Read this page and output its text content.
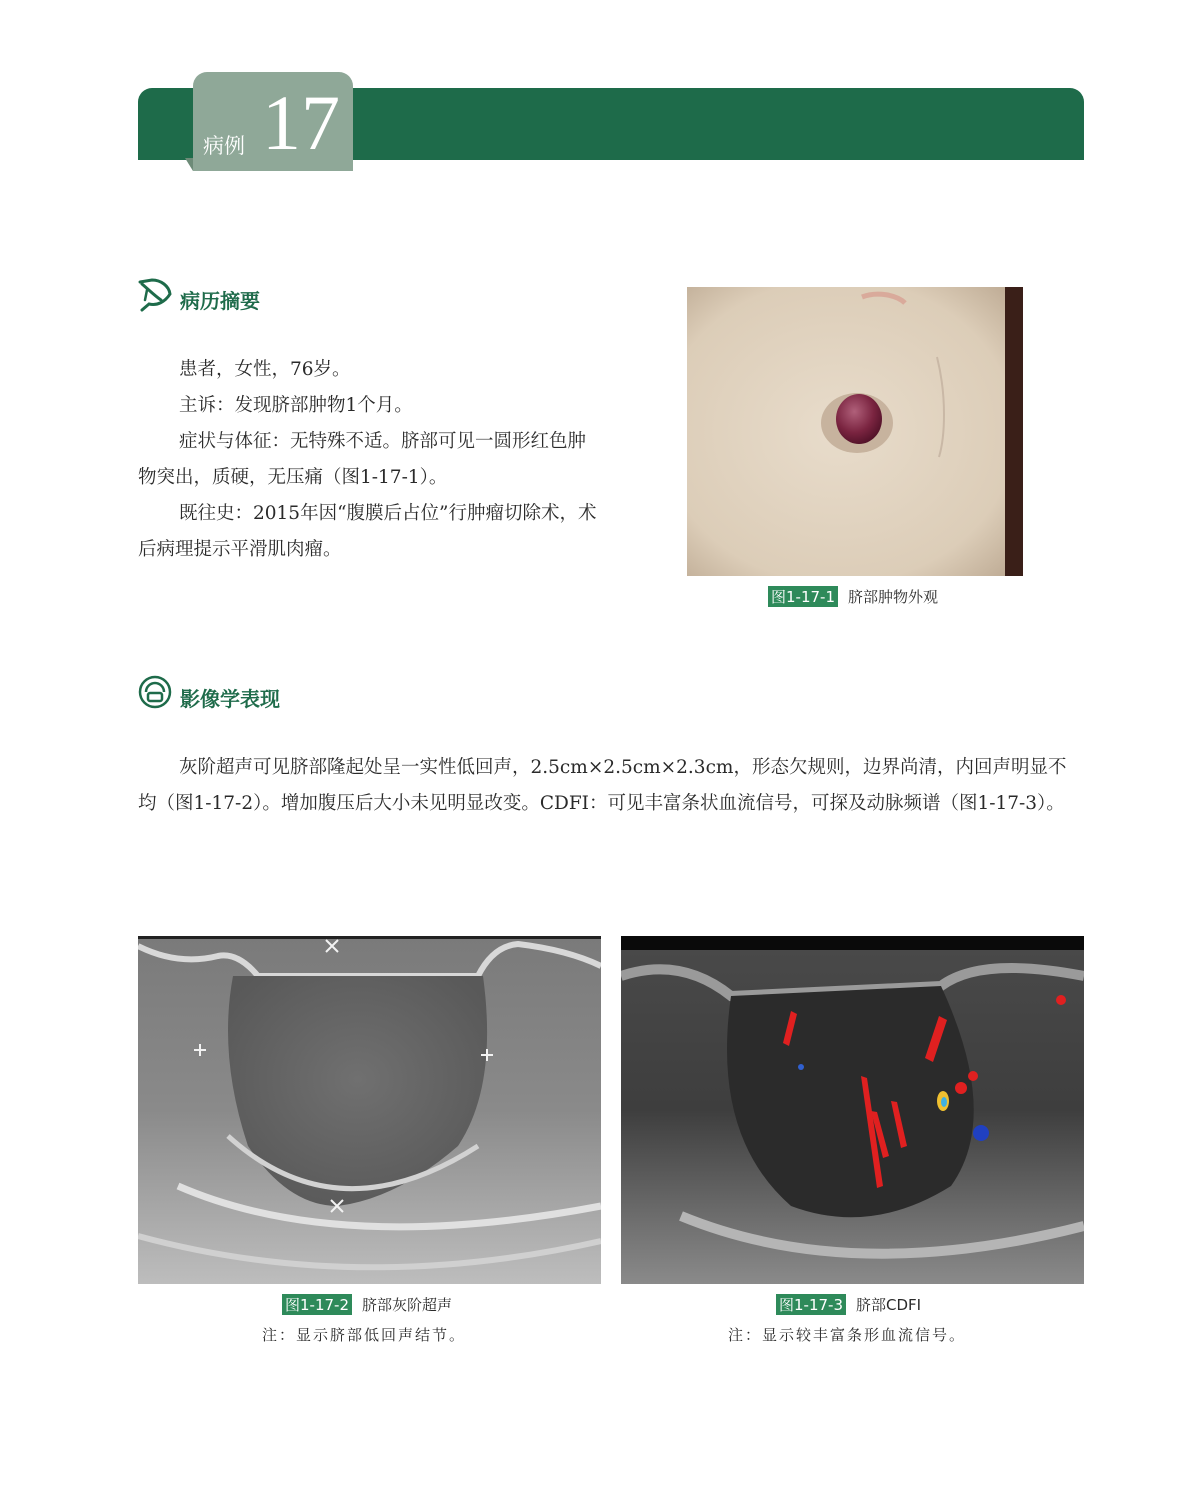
病例 17
病历摘要

患者，女性，76岁。

主诉：发现脐部肿物1个月。

症状与体征：无特殊不适。脐部可见一圆形红色肿物突出，质硬，无压痛（图1-17-1）。

既往史：2015年因“腹膜后占位”行肿瘤切除术，术后病理提示平滑肌肉瘤。

图1-17-1 脐部肿物外观
影像学表现

灰阶超声可见脐部隆起处呈一实性低回声，2.5cm×2.5cm×2.3cm，形态欠规则，边界尚清，内回声明显不均（图1-17-2）。增加腹压后大小未见明显改变。CDFI：可见丰富条状血流信号，可探及动脉频谱（图1-17-3）。

图1-17-2 脐部灰阶超声
注：显示脐部低回声结节。
图1-17-3 脐部CDFI
注：显示较丰富条形血流信号。
